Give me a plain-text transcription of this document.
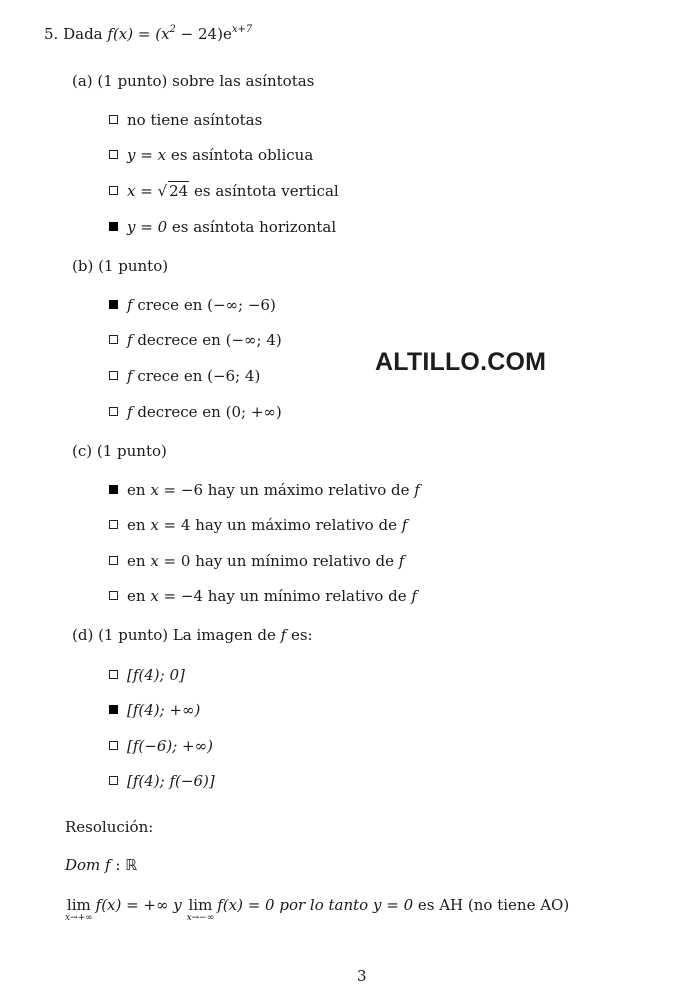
5. Dada $f(x) = (x^2 - 24)e^{x+7}$
(a) (1 punto) sobre las asíntotas
no tiene asíntotas
y = x es asíntota oblicua
x = √ 24 es asíntota vertical
y = 0 es asíntota horizontal
(b) (1 punto)
f crece en (−∞; −6)
f decrece en (−∞; 4)
f crece en (−6; 4)
f decrece en (0; +∞)
ALTILLO.COM
(c) (1 punto)
en x = −6 hay un máximo relativo de f
en x = 4 hay un máximo relativo de f
en x = 0 hay un mínimo relativo de f
en x = −4 hay un mínimo relativo de f
(d) (1 punto) La imagen de f es:
[f(4); 0]
[f(4); +∞)
[f(−6); +∞)
[f(4); f(−6)]
Resolución:
Dom f : ℝ
lim
x→+∞
f(x) = +∞ y lim
x→−∞
f(x) = 0 por lo tanto y = 0 es AH (no tiene AO)
3
